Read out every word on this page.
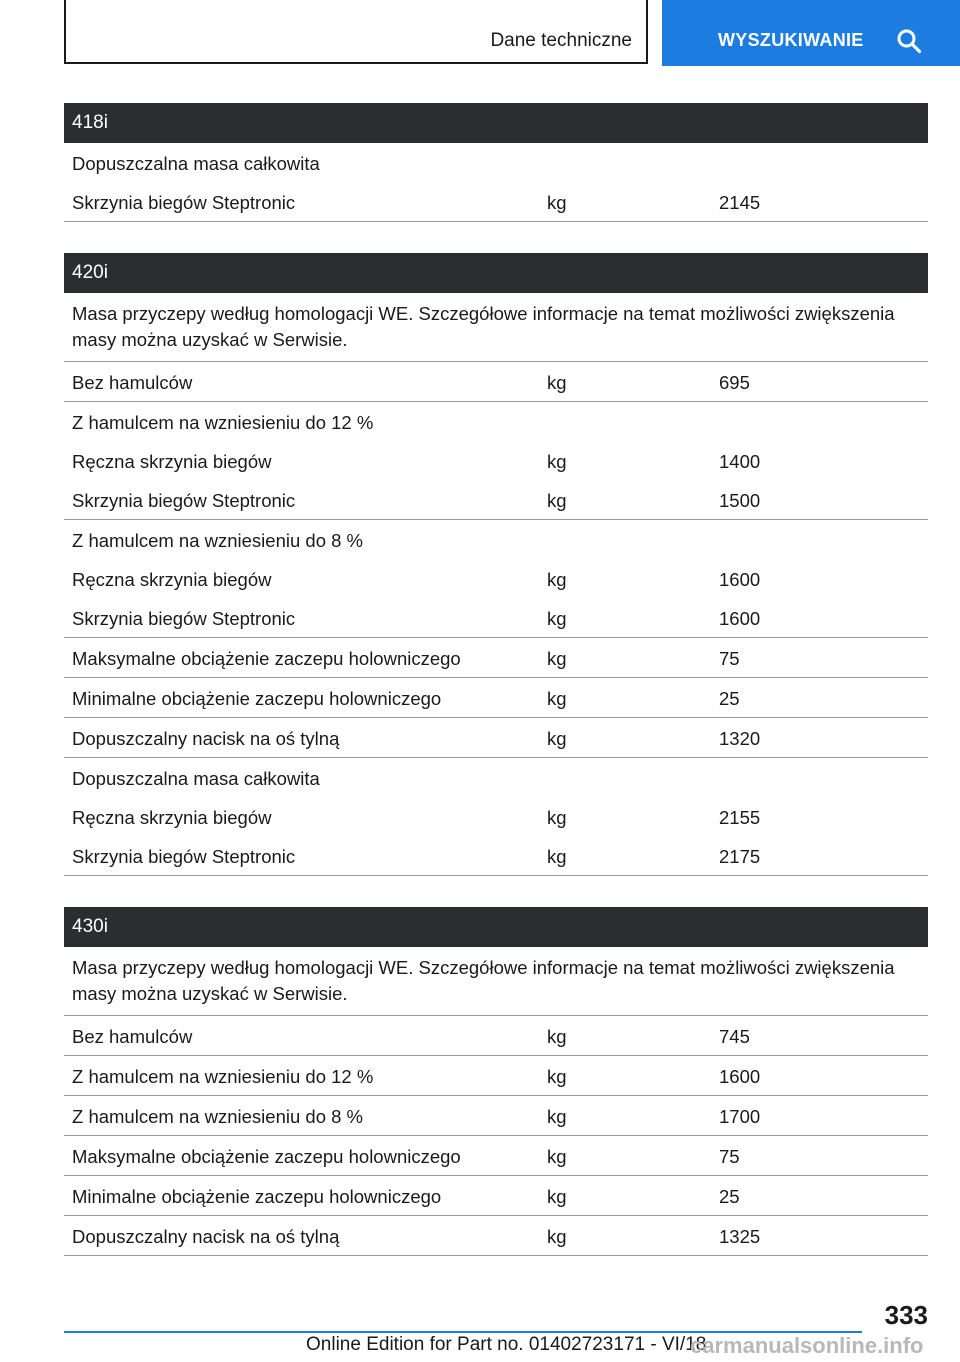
Dane techniczne	WYSZUKIWANIE
418i
Dopuszczalna masa całkowita
Skrzynia biegów Steptronic	kg	2145
420i
Masa przyczepy według homologacji WE. Szczegółowe informacje na temat możliwości zwiększenia masy można uzyskać w Serwisie.
Bez hamulców	kg	695
Z hamulcem na wzniesieniu do 12 %
Ręczna skrzynia biegów	kg	1400
Skrzynia biegów Steptronic	kg	1500
Z hamulcem na wzniesieniu do 8 %
Ręczna skrzynia biegów	kg	1600
Skrzynia biegów Steptronic	kg	1600
Maksymalne obciążenie zaczepu holowniczego	kg	75
Minimalne obciążenie zaczepu holowniczego	kg	25
Dopuszczalny nacisk na oś tylną	kg	1320
Dopuszczalna masa całkowita
Ręczna skrzynia biegów	kg	2155
Skrzynia biegów Steptronic	kg	2175
430i
Masa przyczepy według homologacji WE. Szczegółowe informacje na temat możliwości zwiększenia masy można uzyskać w Serwisie.
Bez hamulców	kg	745
Z hamulcem na wzniesieniu do 12 %	kg	1600
Z hamulcem na wzniesieniu do 8 %	kg	1700
Maksymalne obciążenie zaczepu holowniczego	kg	75
Minimalne obciążenie zaczepu holowniczego	kg	25
Dopuszczalny nacisk na oś tylną	kg	1325
333
Online Edition for Part no. 01402723171 - VI/18
carmanualsonline.info
